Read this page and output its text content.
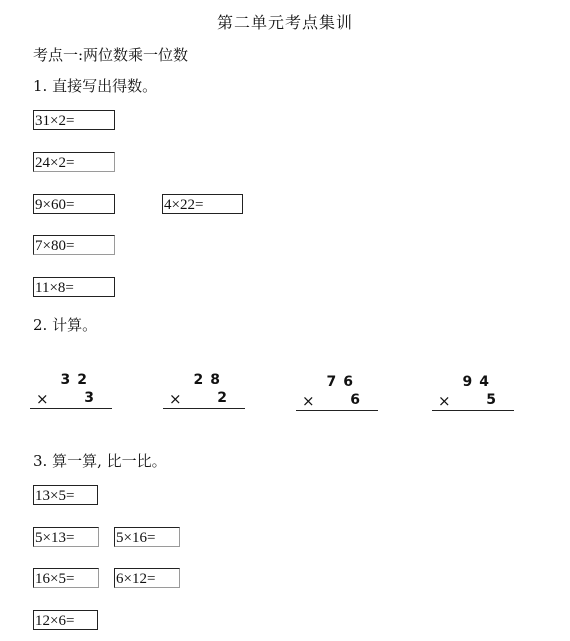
第二单元考点集训
考点一:两位数乘一位数
1. 直接写出得数。
31×2=
24×2=
9×60=	4×22=
7×80=
11×8=
2. 计算。
32
×	3
28
×	2
76
×	6
94
×	5
3. 算一算, 比一比。
13×5=
5×13=	5×16=
16×5=	6×12=
12×6=
